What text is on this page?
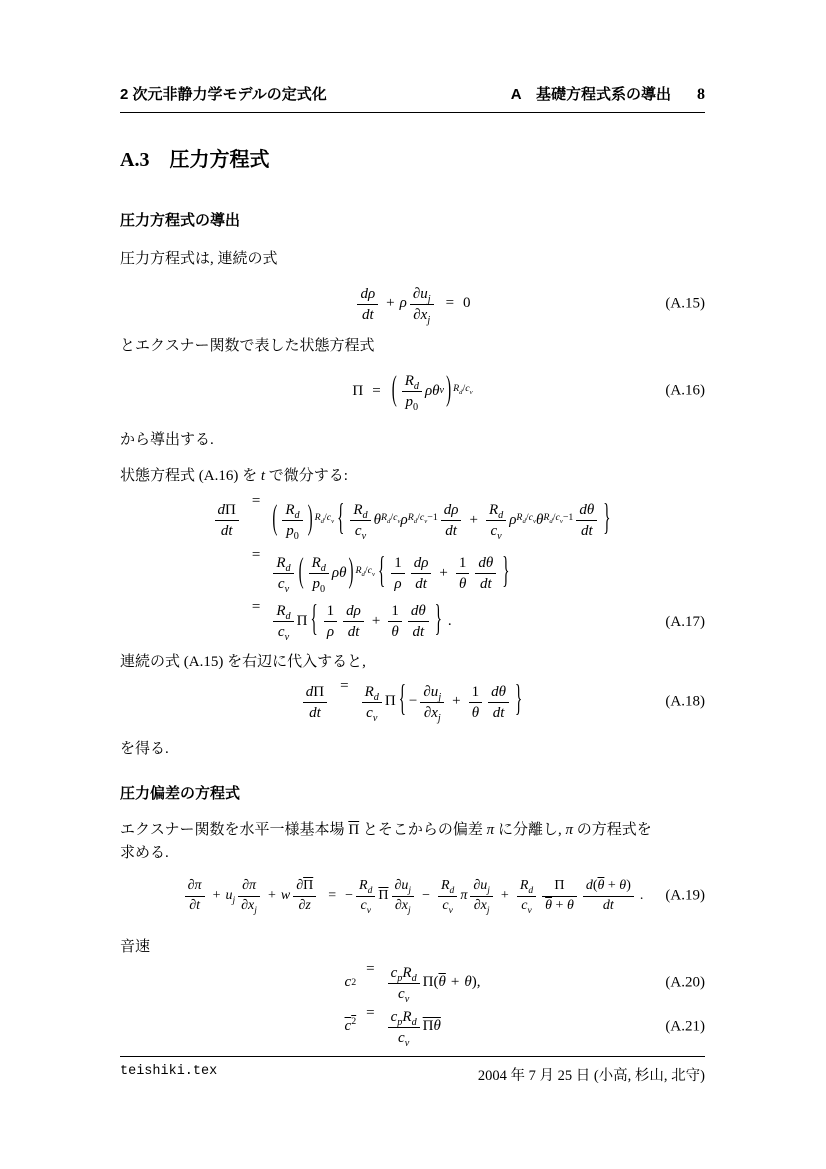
2 次元非静力学モデルの定式化	A　基礎方程式系の導出 8
A.3 圧力方程式
圧力方程式の導出

圧力方程式は, 連続の式

$\frac{d\rho}{dt} + \rho \frac{\partial u_j}{\partial x_j} = 0$	(A.15)

とエクスナー関数で表した状態方程式

Π = ( $\frac{R_d}{p_0}$ ρθ v ) $R_d/c_v$	(A.16)

から導出する.

状態方程式 (A.16) を t で微分する:

$\frac{d\Pi}{dt}$ = ( $\frac{R_d}{p_0}$ ) $R_d/c_v$ { $\frac{R_d}{c_v}$ θ $R_d/c_v$ ρ $R_d/c_v-1 \frac{d\rho}{dt} + \frac{R_d}{c_v}$ ρ $R_d/c_v$ θ $R_d/c_v-1 \frac{d\theta}{dt}$ }
= $\frac{R_d}{c_v}$ ( $\frac{R_d}{p_0}$ ρθ ) $R_d/c_v$ { $\frac{1}{\rho} \frac{d\rho}{dt} + \frac{1}{\theta} \frac{d\theta}{dt}$ }
= $\frac{R_d}{c_v}$ Π { $\frac{1}{\rho} \frac{d\rho}{dt} + \frac{1}{\theta} \frac{d\theta}{dt}$ } .	(A.17)

連続の式 (A.15) を右辺に代入すると,

$\frac{d\Pi}{dt} = \frac{R_d}{c_v}$ Π { − $\frac{\partial u_j}{\partial x_j} + \frac{1}{\theta} \frac{d\theta}{dt}$ }	(A.18)

を得る.

圧力偏差の方程式

エクスナー関数を水平一様基本場 $\overline{\Pi}$ とそこからの偏差 π に分離し, π の方程式を
求める.

$\frac{\partial\pi}{\partial t} + u_j \frac{\partial\pi}{\partial x_j} + w \frac{\partial\overline{\Pi}}{\partial z}$ = − $\frac{R_d}{c_v} \overline{\Pi} \frac{\partial u_j}{\partial x_j} - \frac{R_d}{c_v}$ π $\frac{\partial u_j}{\partial x_j} + \frac{R_d}{c_v} \frac{\Pi}{\overline{\theta} + \theta} \frac{d(\overline{\theta} + \theta)}{dt}$ . (A.19)

音速

c 2
= $\frac{c_pR_d}{c_v} \Pi$( $\overline{\theta} + \theta$ ),
$c^2$
= $\frac{c_pR_d}{c_v}$ Πθ
(A.20)
(A.21)
teishiki.tex	2004 年 7 月 25 日 (小高, 杉山, 北守)
